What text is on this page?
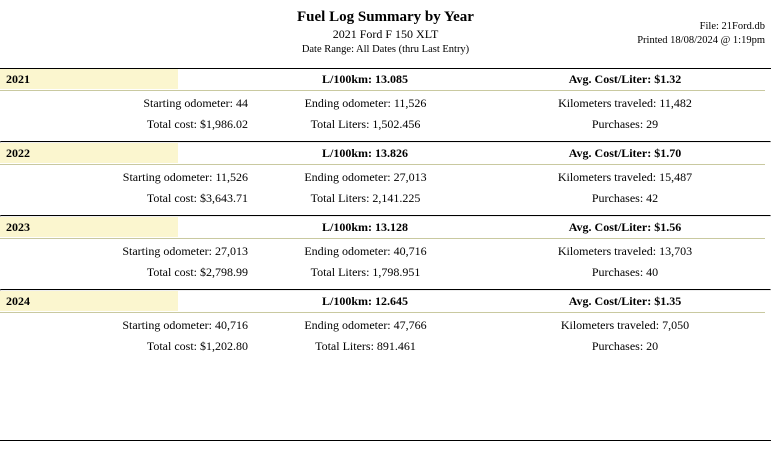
Fuel Log Summary by Year
2021 Ford F 150 XLT
Date Range: All Dates (thru Last Entry)
File: 21Ford.db
Printed 18/08/2024 @ 1:19pm
2021	L/100km: 13.085	Avg. Cost/Liter: $1.32
Starting odometer: 44	Ending odometer: 11,526	Kilometers traveled: 11,482
Total cost: $1,986.02	Total Liters: 1,502.456	Purchases: 29
2022	L/100km: 13.826	Avg. Cost/Liter: $1.70
Starting odometer: 11,526	Ending odometer: 27,013	Kilometers traveled: 15,487
Total cost: $3,643.71	Total Liters: 2,141.225	Purchases: 42
2023	L/100km: 13.128	Avg. Cost/Liter: $1.56
Starting odometer: 27,013	Ending odometer: 40,716	Kilometers traveled: 13,703
Total cost: $2,798.99	Total Liters: 1,798.951	Purchases: 40
2024	L/100km: 12.645	Avg. Cost/Liter: $1.35
Starting odometer: 40,716	Ending odometer: 47,766	Kilometers traveled: 7,050
Total cost: $1,202.80	Total Liters: 891.461	Purchases: 20
